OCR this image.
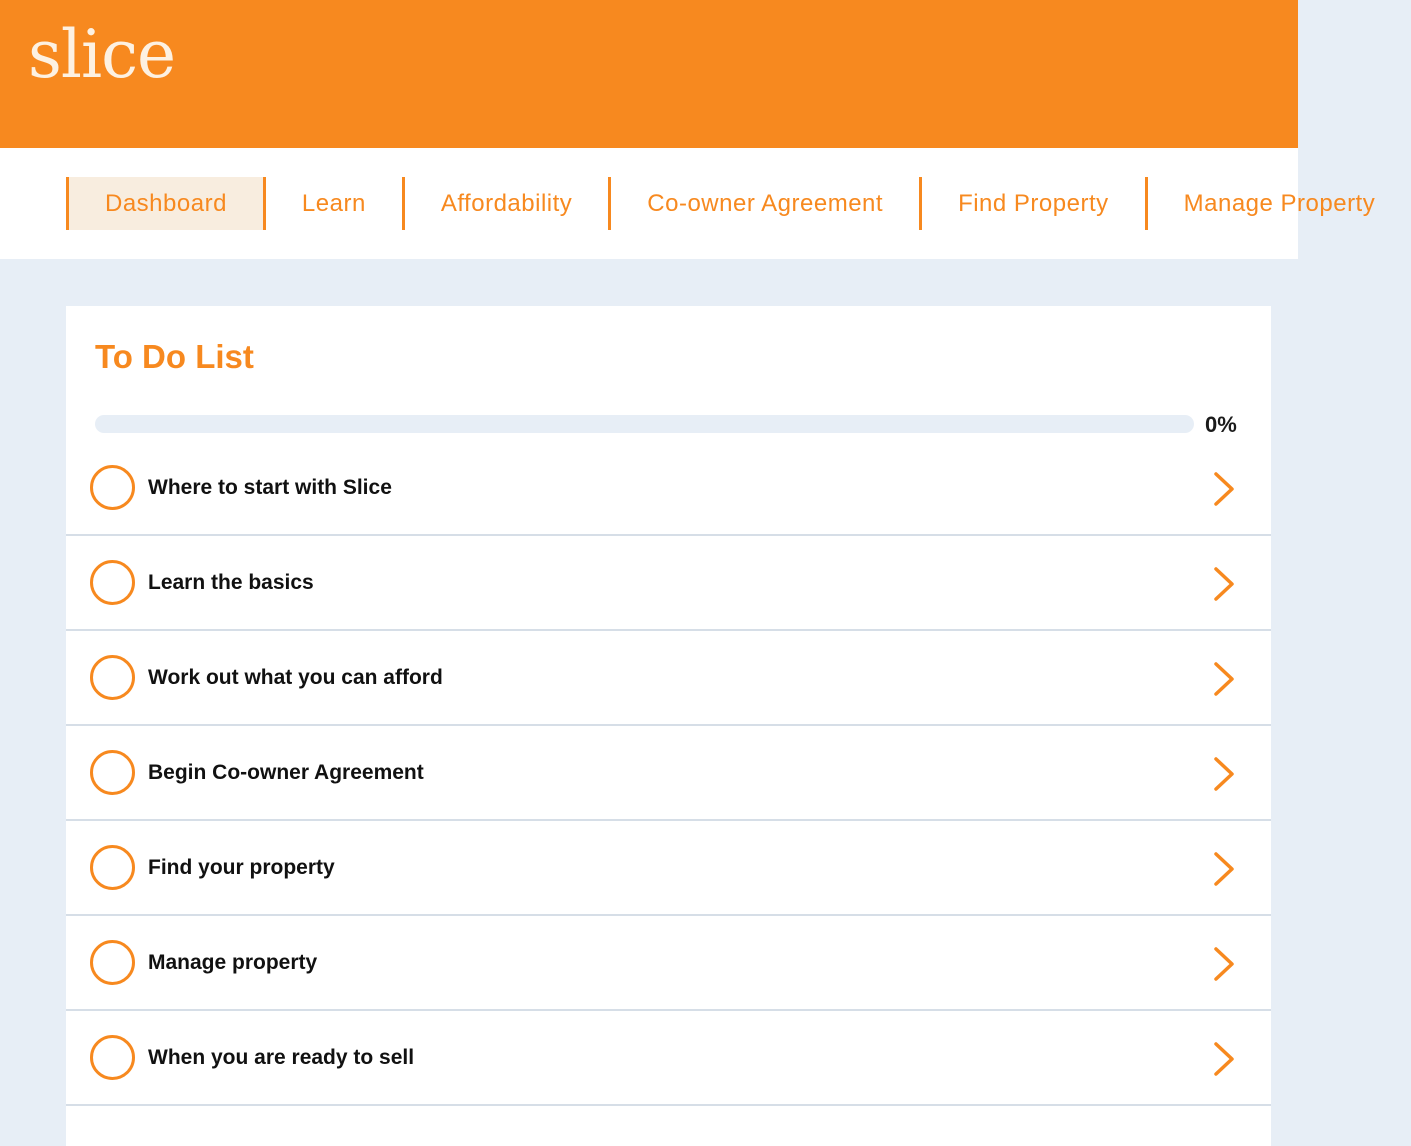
slice
Dashboard	Learn	Affordability	Co-owner Agreement	Find Property	Manage Property
To Do List
0%
Where to start with Slice
Learn the basics
Work out what you can afford
Begin Co-owner Agreement
Find your property
Manage property
When you are ready to sell
